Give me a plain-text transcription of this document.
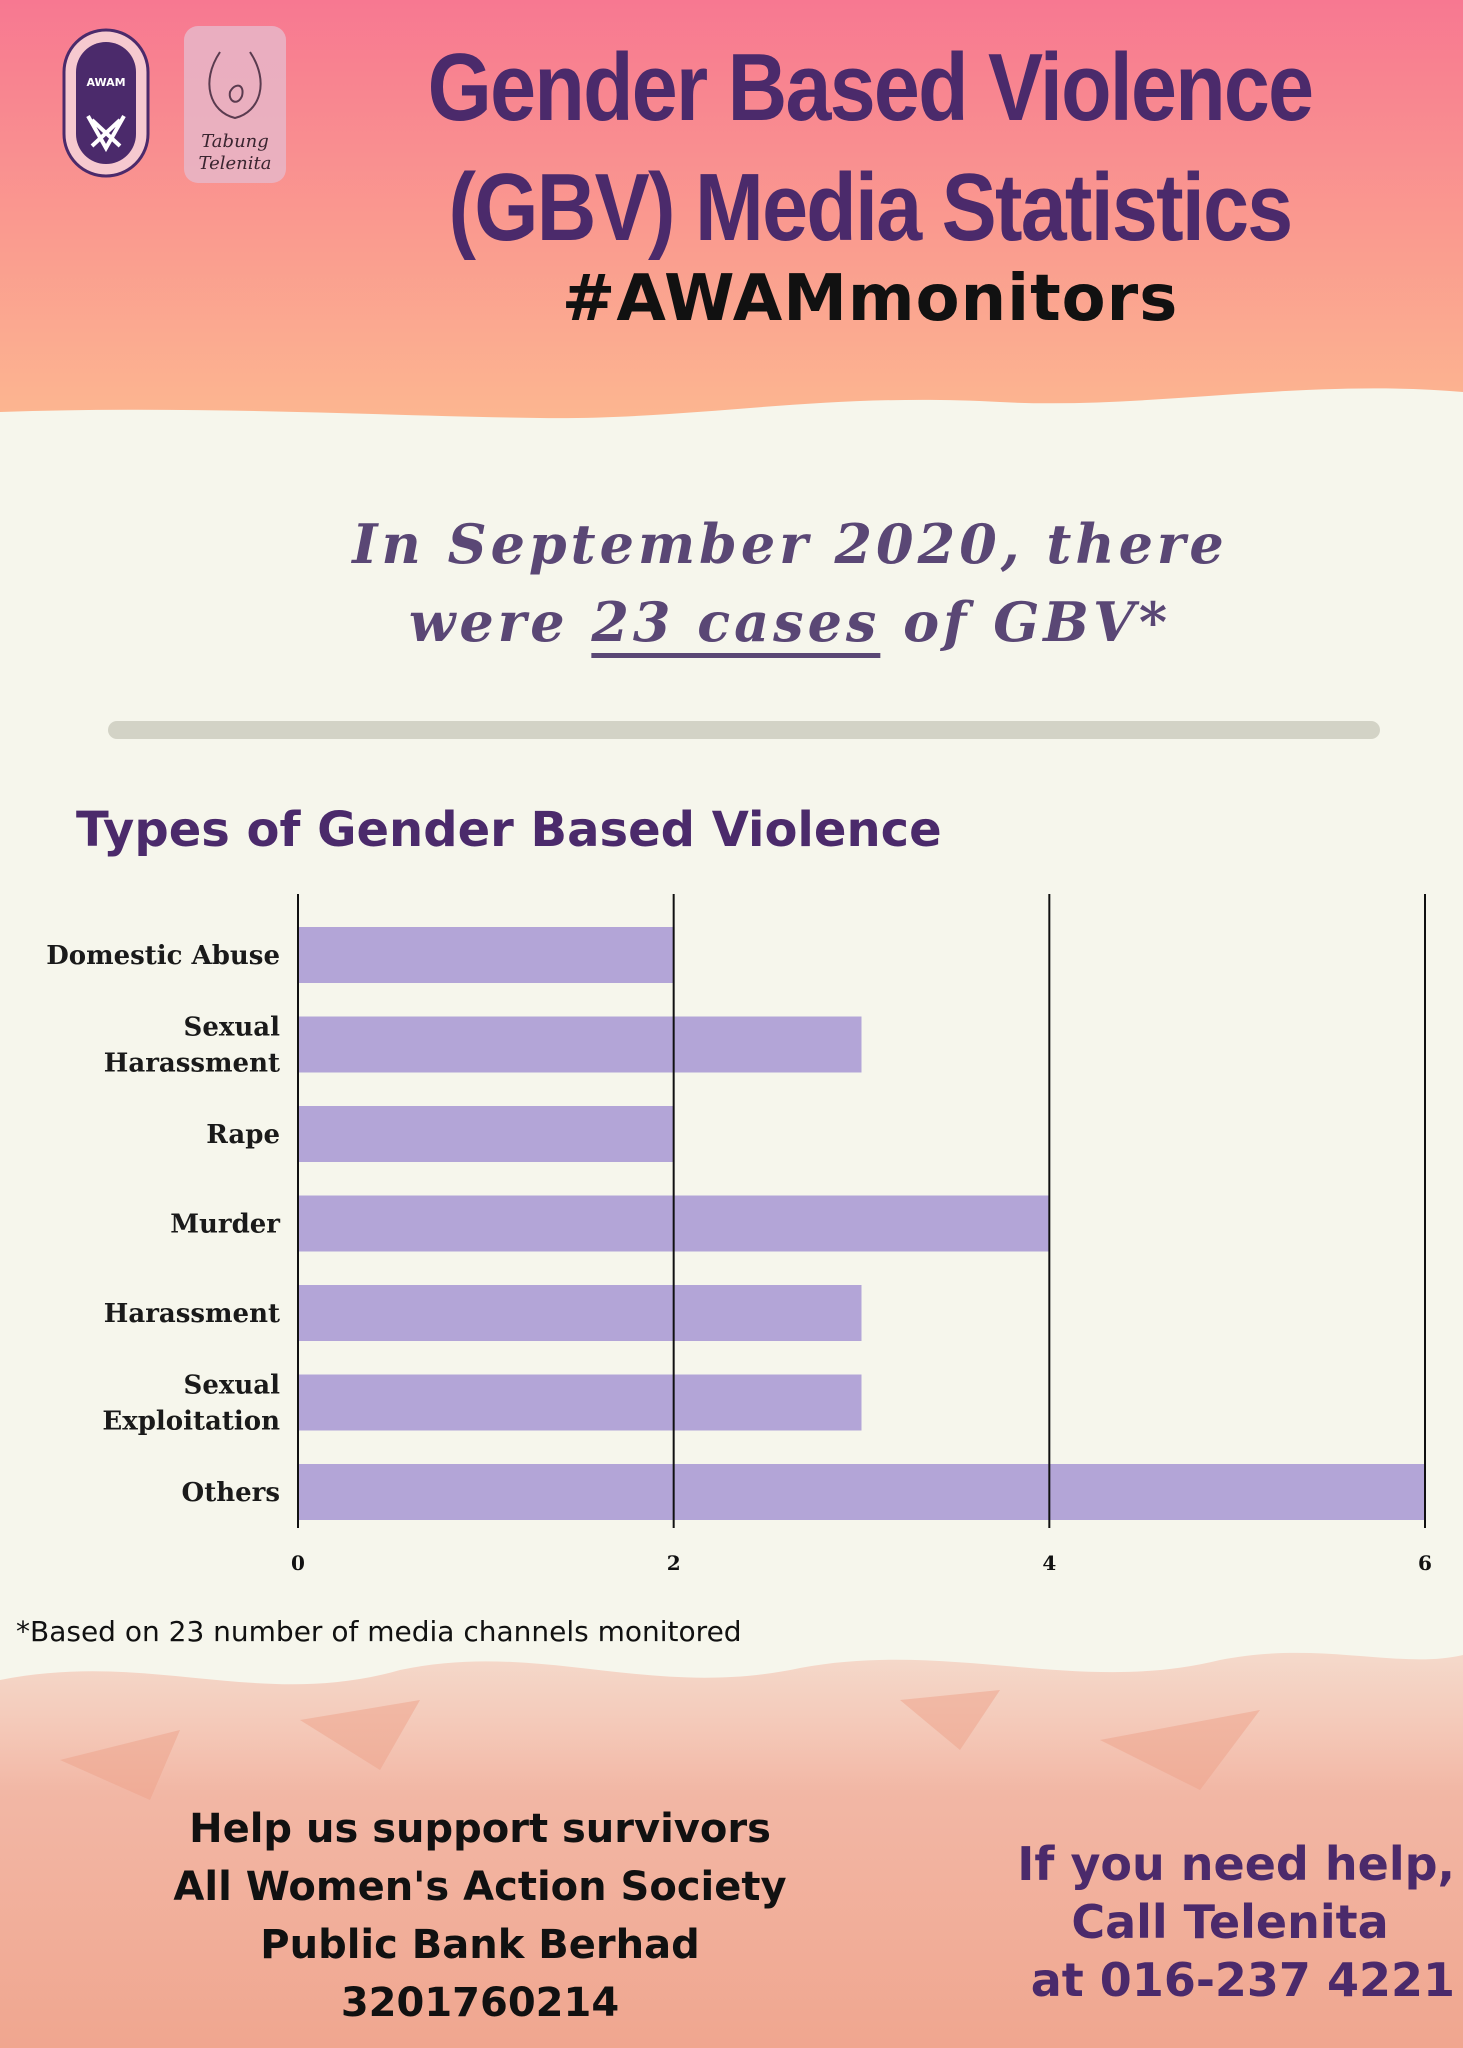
AWAM
Tabung
Telenita
Gender Based Violence
(GBV) Media Statistics
#AWAMmonitors
In September 2020, there
were 23 cases of GBV*
Types of Gender Based Violence
0	2	4	6
Domestic Abuse
Sexual
Harassment
Rape
Murder
Harassment
Sexual
Exploitation
Others
*Based on 23 number of media channels monitored
Help us support survivors
All Women's Action Society
Public Bank Berhad
3201760214
If you need help,
Call Telenita
at 016-237 4221
